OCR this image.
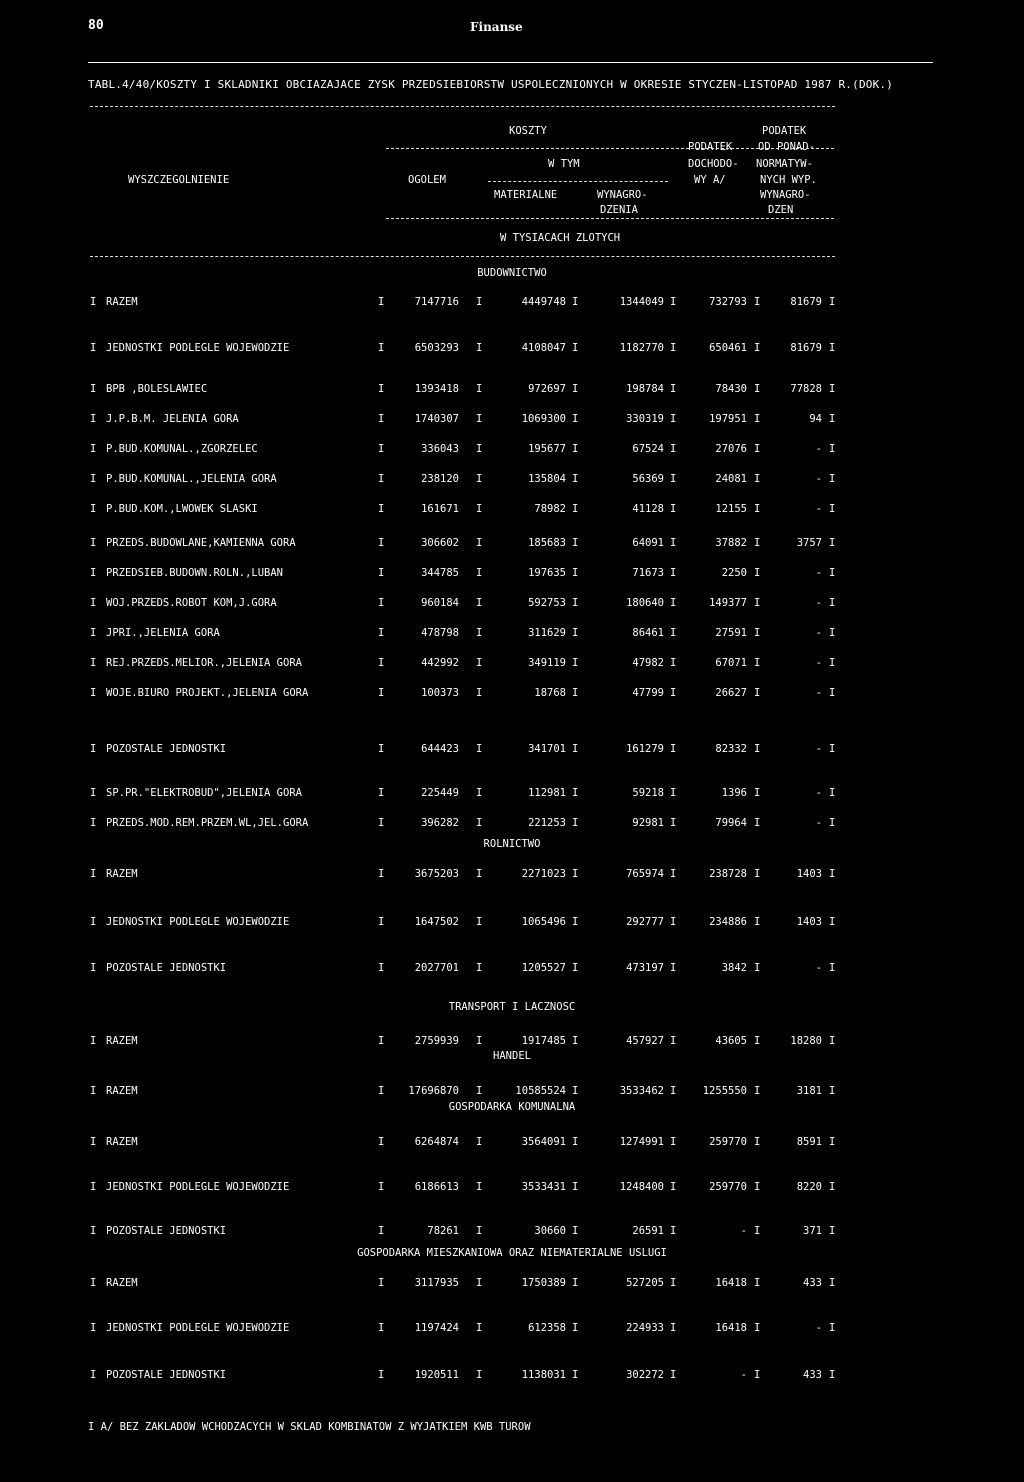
80	Finanse
TABL.4/40/KOSZTY I SKLADNIKI OBCIAZAJACE ZYSK PRZEDSIEBIORSTW USPOLECZNIONYCH W OKRESIE STYCZEN-LISTOPAD 1987 R.(DOK.)
WYSZCZEGOLNIENIE
KOSZTY
OGOLEM
W TYM
MATERIALNE	WYNAGRO-
DZENIA
PODATEK
DOCHODO-
WY A/
PODATEK
OD PONAD-
NORMATYW-
NYCH WYP.
WYNAGRO-
DZEN
W TYSIACACH ZLOTYCH
BUDOWNICTWO
I	I	I	I	I	I	I
RAZEM	7147716	4449748	1344049	732793	81679
I	I	I	I	I	I	I
JEDNOSTKI PODLEGLE WOJEWODZIE	6503293	4108047	1182770	650461	81679
I	I	I	I	I	I	I
BPB ,BOLESLAWIEC	1393418	972697	198784	78430	77828
I	I	I	I	I	I	I
J.P.B.M. JELENIA GORA	1740307	1069300	330319	197951	94
I	I	I	I	I	I	I
P.BUD.KOMUNAL.,ZGORZELEC	336043	195677	67524	27076	-
I	I	I	I	I	I	I
P.BUD.KOMUNAL.,JELENIA GORA	238120	135804	56369	24081	-
I	I	I	I	I	I	I
P.BUD.KOM.,LWOWEK SLASKI	161671	78982	41128	12155	-
I	I	I	I	I	I	I
PRZEDS.BUDOWLANE,KAMIENNA GORA	306602	185683	64091	37882	3757
I	I	I	I	I	I	I
PRZEDSIEB.BUDOWN.ROLN.,LUBAN	344785	197635	71673	2250	-
I	I	I	I	I	I	I
WOJ.PRZEDS.ROBOT KOM,J.GORA	960184	592753	180640	149377	-
I	I	I	I	I	I	I
JPRI.,JELENIA GORA	478798	311629	86461	27591	-
I	I	I	I	I	I	I
REJ.PRZEDS.MELIOR.,JELENIA GORA	442992	349119	47982	67071	-
I	I	I	I	I	I	I
WOJE.BIURO PROJEKT.,JELENIA GORA	100373	18768	47799	26627	-
I	I	I	I	I	I	I
POZOSTALE JEDNOSTKI	644423	341701	161279	82332	-
I	I	I	I	I	I	I
SP.PR."ELEKTROBUD",JELENIA GORA	225449	112981	59218	1396	-
I	I	I	I	I	I	I
PRZEDS.MOD.REM.PRZEM.WL,JEL.GORA	396282	221253	92981	79964	-
ROLNICTWO
I	I	I	I	I	I	I
RAZEM	3675203	2271023	765974	238728	1403
I	I	I	I	I	I	I
JEDNOSTKI PODLEGLE WOJEWODZIE	1647502	1065496	292777	234886	1403
I	I	I	I	I	I	I
POZOSTALE JEDNOSTKI	2027701	1205527	473197	3842	-
TRANSPORT I LACZNOSC
I	I	I	I	I	I	I
RAZEM	2759939	1917485	457927	43605	18280
HANDEL
I	I	I	I	I	I	I
RAZEM	17696870	10585524	3533462	1255550	3181
GOSPODARKA KOMUNALNA
I	I	I	I	I	I	I
RAZEM	6264874	3564091	1274991	259770	8591
I	I	I	I	I	I	I
JEDNOSTKI PODLEGLE WOJEWODZIE	6186613	3533431	1248400	259770	8220
I	I	I	I	I	I	I
POZOSTALE JEDNOSTKI	78261	30660	26591	-	371
GOSPODARKA MIESZKANIOWA ORAZ NIEMATERIALNE USLUGI
I	I	I	I	I	I	I
RAZEM	3117935	1750389	527205	16418	433
I	I	I	I	I	I	I
JEDNOSTKI PODLEGLE WOJEWODZIE	1197424	612358	224933	16418	-
I	I	I	I	I	I	I
POZOSTALE JEDNOSTKI	1920511	1138031	302272	-	433
I A/ BEZ ZAKLADOW WCHODZACYCH W SKLAD KOMBINATOW Z WYJATKIEM KWB TUROW
